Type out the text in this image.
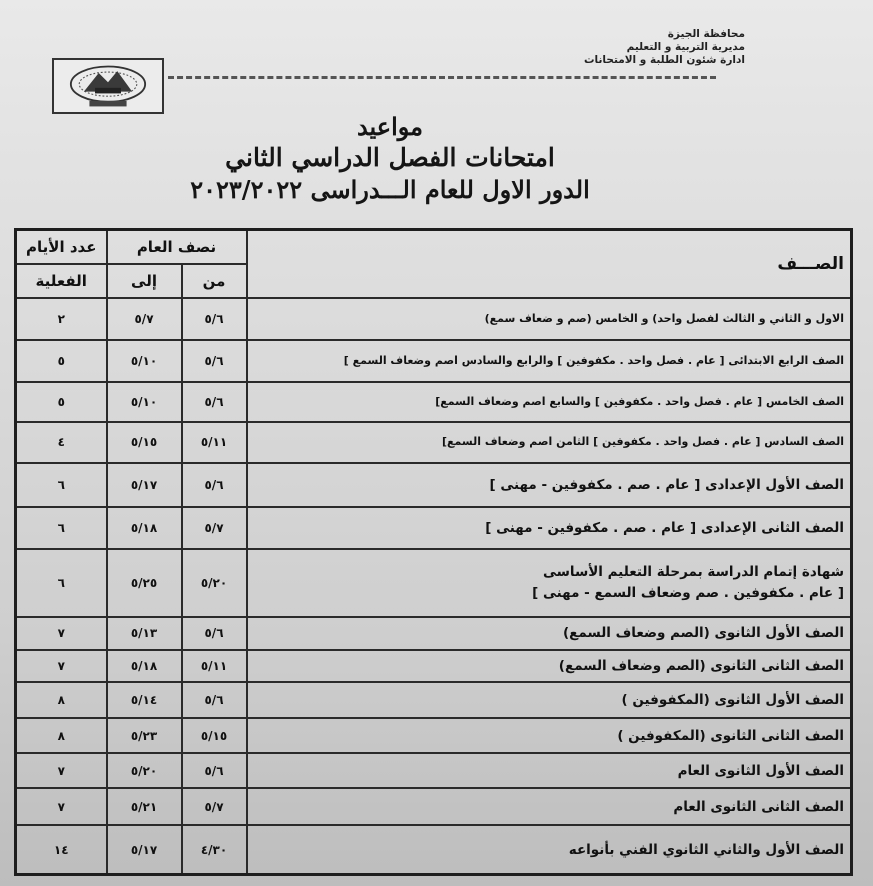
محافظة الجيزة
مديرية التربية و التعليم
ادارة شئون الطلبة و الامتحانات
مواعيد
امتحانات الفصل الدراسي الثاني
الدور الاول للعام الـــدراسى ٢٠٢٣/٢٠٢٢
الصـــف	نصف العام		عدد الأيام
	من	إلى	الفعلية
الاول و الثاني و الثالث لفصل واحد) و الخامس (صم و ضعاف سمع)	٥/٦	٥/٧	٢
الصف الرابع الابتدائى [ عام . فصل واحد . مكفوفين ] والرابع والسادس اصم وضعاف السمع ]	٥/٦	٥/١٠	٥
الصف الخامس [ عام . فصل واحد . مكفوفين ] والسابع اصم وضعاف السمع]	٥/٦	٥/١٠	٥
الصف السادس [ عام . فصل واحد . مكفوفين ] الثامن اصم وضعاف السمع]	٥/١١	٥/١٥	٤
الصف الأول الإعدادى [ عام . صم . مكفوفين - مهنى ]	٥/٦	٥/١٧	٦
الصف الثانى الإعدادى [ عام . صم . مكفوفين - مهنى ]	٥/٧	٥/١٨	٦

شهادة إتمام الدراسة بمرحلة التعليم الأساسى
[ عام . مكفوفين . صم وضعاف السمع - مهنى ]	٥/٢٠	٥/٢٥	٦
الصف الأول الثانوى (الصم وضعاف السمع)	٥/٦	٥/١٣	٧
الصف الثانى الثانوى (الصم وضعاف السمع)	٥/١١	٥/١٨	٧
الصف الأول الثانوى (المكفوفين )	٥/٦	٥/١٤	٨
الصف الثانى الثانوى (المكفوفين )	٥/١٥	٥/٢٣	٨
الصف الأول الثانوى العام	٥/٦	٥/٢٠	٧
الصف الثانى الثانوى العام	٥/٧	٥/٢١	٧
الصف الأول والثاني الثانوي الفني بأنواعه	٤/٣٠	٥/١٧	١٤
